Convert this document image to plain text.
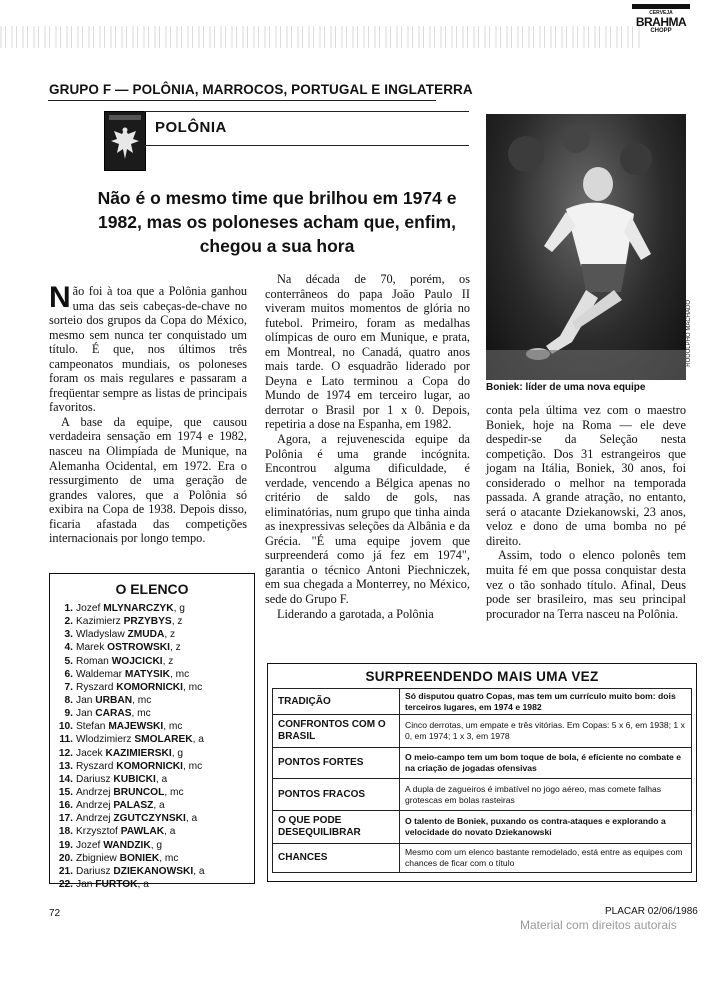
CERVEJA
BRAHMA
CHOPP
GRUPO F — POLÔNIA, MARROCOS, PORTUGAL E INGLATERRA
POLÔNIA
Não é o mesmo time que brilhou em 1974 e 1982, mas os poloneses acham que, enfim, chegou a sua hora
RODOLPHO MACHADO
Boniek: líder de uma nova equipe

Não foi à toa que a Polônia ganhou uma das seis cabeças-de-chave no sorteio dos grupos da Copa do México, mesmo sem nunca ter conquistado um título. É que, nos últimos três campeonatos mundiais, os poloneses foram os mais regulares e passaram a freqüentar sempre as listas de principais favoritos.

A base da equipe, que causou verdadeira sensação em 1974 e 1982, nasceu na Olimpíada de Munique, na Alemanha Ocidental, em 1972. Era o ressurgimento de uma geração de grandes valores, que a Polônia só exibira na Copa de 1938. Depois disso, ficaria afastada das competições internacionais por longo tempo.

Na década de 70, porém, os conterrâneos do papa João Paulo II viveram muitos momentos de glória no futebol. Primeiro, foram as medalhas olímpicas de ouro em Munique, e prata, em Montreal, no Canadá, quatro anos mais tarde. O esquadrão liderado por Deyna e Lato terminou a Copa do Mundo de 1974 em terceiro lugar, ao derrotar o Brasil por 1 x 0. Depois, repetiria a dose na Espanha, em 1982.

Agora, a rejuvenescida equipe da Polônia é uma grande incógnita. Encontrou alguma dificuldade, é verdade, vencendo a Bélgica apenas no critério de saldo de gols, nas eliminatórias, num grupo que tinha ainda as inexpressivas seleções da Albânia e da Grécia. "É uma equipe jovem que surpreenderá como já fez em 1974", garantia o técnico Antoni Piechniczek, em sua chegada a Monterrey, no México, sede do Grupo F.

Liderando a garotada, a Polônia

conta pela última vez com o maestro Boniek, hoje na Roma — ele deve despedir-se da Seleção nesta competição. Dos 31 estrangeiros que jogam na Itália, Boniek, 30 anos, foi considerado o melhor na temporada passada. A grande atração, no entanto, será o atacante Dziekanowski, 23 anos, veloz e dono de uma bomba no pé direito.

Assim, todo o elenco polonês tem muita fé em que possa conquistar desta vez o tão sonhado título. Afinal, Deus pode ser brasileiro, mas seu principal procurador na Terra nasceu na Polônia.

O ELENCO
1. Jozef MLYNARCZYK, g
2. Kazimierz PRZYBYS, z
3. Wladyslaw ZMUDA, z
4. Marek OSTROWSKI, z
5. Roman WOJCICKI, z
6. Waldemar MATYSIK, mc
7. Ryszard KOMORNICKI, mc
8. Jan URBAN, mc
9. Jan CARAS, mc
10. Stefan MAJEWSKI, mc
11. Wlodzimierz SMOLAREK, a
12. Jacek KAZIMIERSKI, g
13. Ryszard KOMORNICKI, mc
14. Dariusz KUBICKI, a
15. Andrzej BRUNCOL, mc
16. Andrzej PALASZ, a
17. Andrzej ZGUTCZYNSKI, a
18. Krzysztof PAWLAK, a
19. Jozef WANDZIK, g
20. Zbigniew BONIEK, mc
21. Dariusz DZIEKANOWSKI, a
22. Jan FURTOK, a
SURPREENDENDO MAIS UMA VEZ
TRADIÇÃO	Só disputou quatro Copas, mas tem um currículo muito bom: dois terceiros lugares, em 1974 e 1982
CONFRONTOS COM O BRASIL	Cinco derrotas, um empate e três vitórias. Em Copas: 5 x 6, em 1938; 1 x 0, em 1974; 1 x 3, em 1978
PONTOS FORTES	O meio-campo tem um bom toque de bola, é eficiente no combate e na criação de jogadas ofensivas
PONTOS FRACOS	A dupla de zagueiros é imbatível no jogo aéreo, mas comete falhas grotescas em bolas rasteiras
O QUE PODE DESEQUILIBRAR	O talento de Boniek, puxando os contra-ataques e explorando a velocidade do novato Dziekanowski
CHANCES	Mesmo com um elenco bastante remodelado, está entre as equipes com chances de ficar com o título
72	PLACAR 02/06/1986
Material com direitos autorais
